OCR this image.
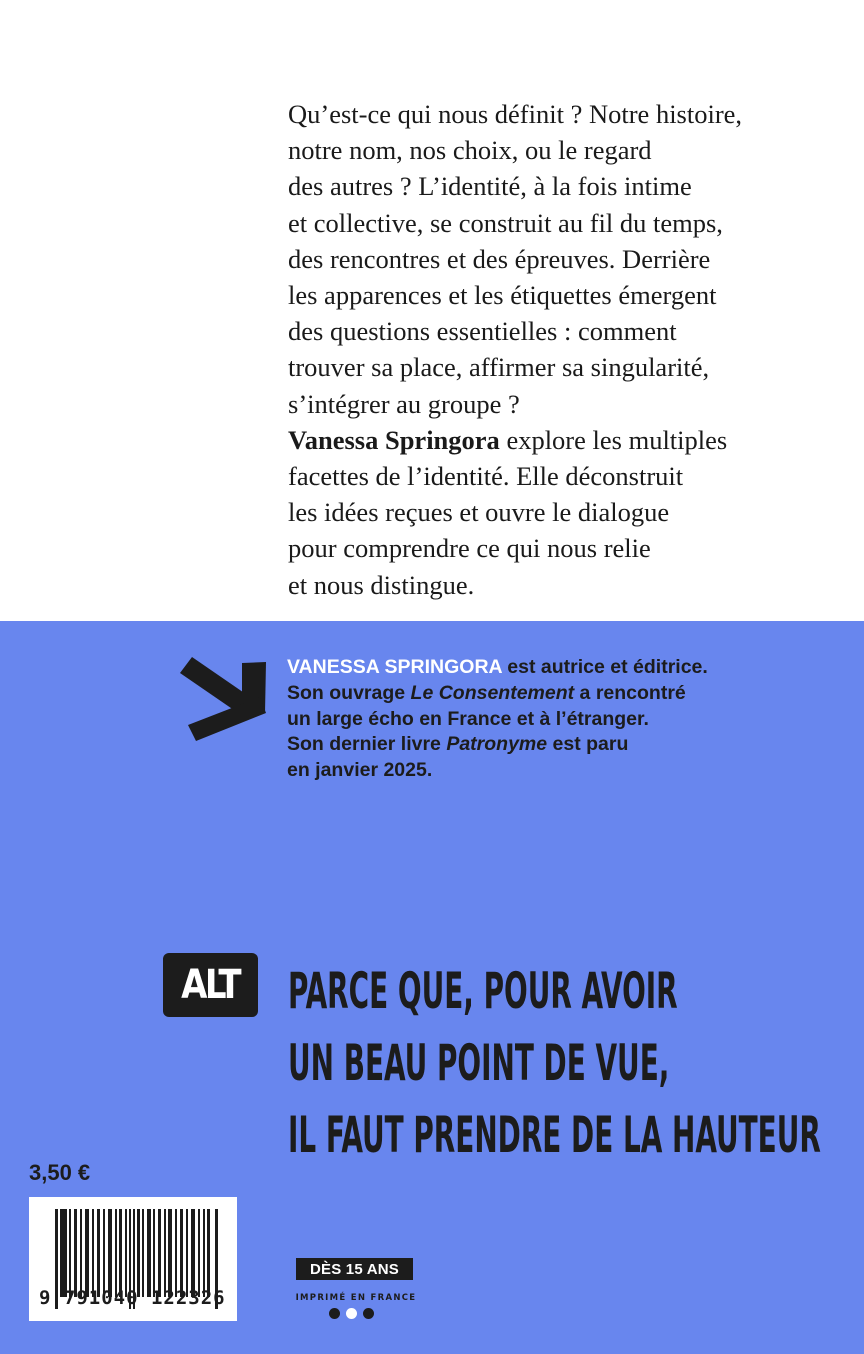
Qu’est-ce qui nous définit ? Notre histoire,
notre nom, nos choix, ou le regard
des autres ? L’identité, à la fois intime
et collective, se construit au fil du temps,
des rencontres et des épreuves. Derrière
les apparences et les étiquettes émergent
des questions essentielles : comment
trouver sa place, affirmer sa singularité,
s’intégrer au groupe ?
Vanessa Springora explore les multiples
facettes de l’identité. Elle déconstruit
les idées reçues et ouvre le dialogue
pour comprendre ce qui nous relie
et nous distingue.
VANESSA SPRINGORA est autrice et éditrice.
Son ouvrage Le Consentement a rencontré
un large écho en France et à l’étranger.
Son dernier livre Patronyme est paru
en janvier 2025.
ALT PARCE QUE, POUR AVOIR
UN BEAU POINT DE VUE,
IL FAUT PRENDRE DE LA HAUTEUR
3,50 €
9 791040 122326
DÈS 15 ANS
IMPRIMÉ EN FRANCE
